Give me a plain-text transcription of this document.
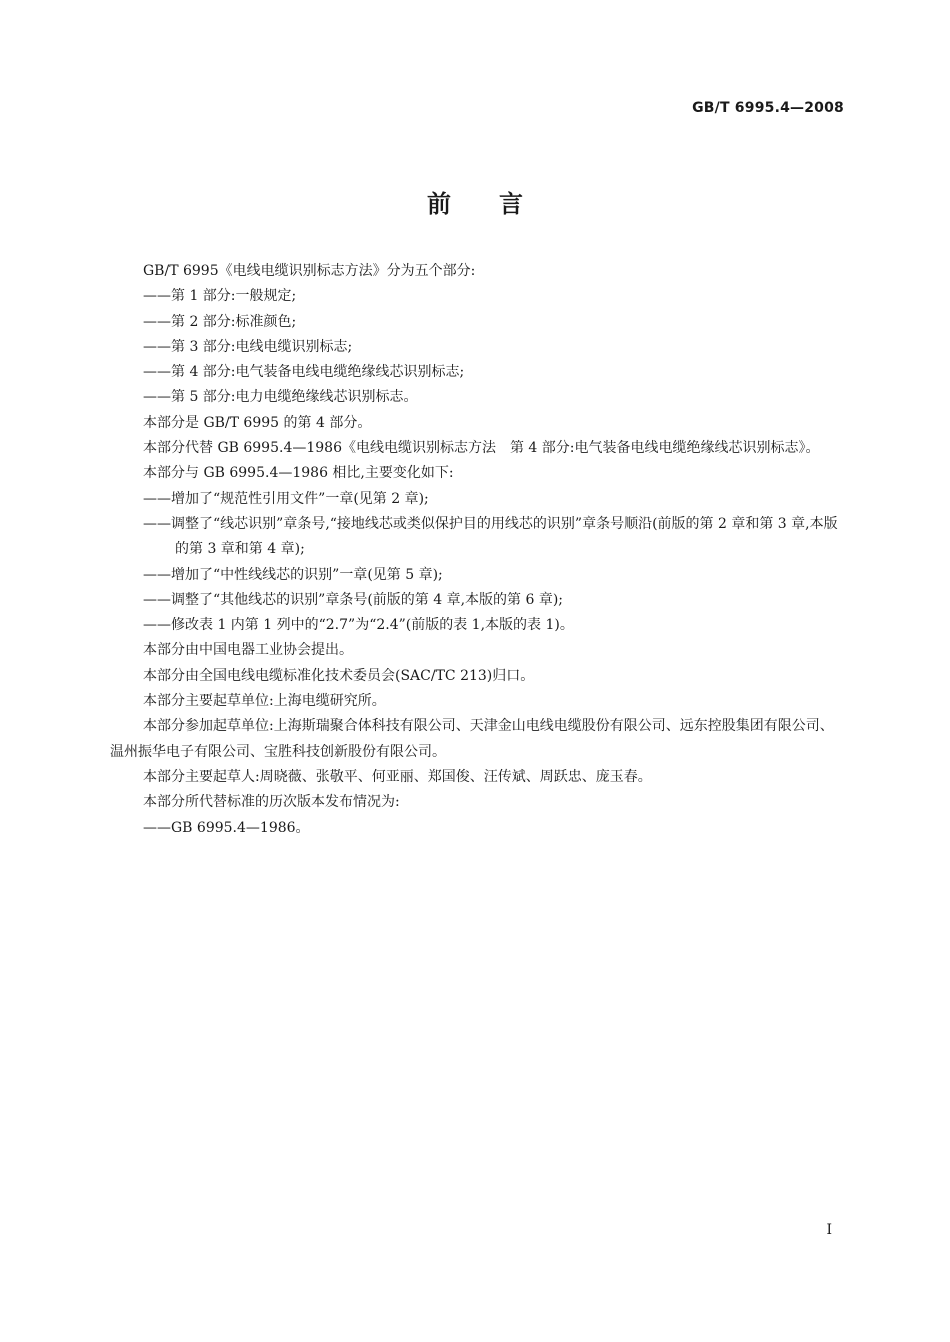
GB/T 6995.4—2008
前言

GB/T 6995《电线电缆识别标志方法》分为五个部分:

——第 1 部分:一般规定;

——第 2 部分:标准颜色;

——第 3 部分:电线电缆识别标志;

——第 4 部分:电气装备电线电缆绝缘线芯识别标志;

——第 5 部分:电力电缆绝缘线芯识别标志。

本部分是 GB/T 6995 的第 4 部分。

本部分代替 GB 6995.4—1986《电线电缆识别标志方法　第 4 部分:电气装备电线电缆绝缘线芯识别标志》。

本部分与 GB 6995.4—1986 相比,主要变化如下:

——增加了“规范性引用文件”一章(见第 2 章);

——调整了“线芯识别”章条号,“接地线芯或类似保护目的用线芯的识别”章条号顺沿(前版的第 2 章和第 3 章,本版的第 3 章和第 4 章);

——增加了“中性线线芯的识别”一章(见第 5 章);

——调整了“其他线芯的识别”章条号(前版的第 4 章,本版的第 6 章);

——修改表 1 内第 1 列中的“2.7”为“2.4”(前版的表 1,本版的表 1)。

本部分由中国电器工业协会提出。

本部分由全国电线电缆标准化技术委员会(SAC/TC 213)归口。

本部分主要起草单位:上海电缆研究所。

本部分参加起草单位:上海斯瑞聚合体科技有限公司、天津金山电线电缆股份有限公司、远东控股集团有限公司、温州振华电子有限公司、宝胜科技创新股份有限公司。

本部分主要起草人:周晓薇、张敬平、何亚丽、郑国俊、汪传斌、周跃忠、庞玉春。

本部分所代替标准的历次版本发布情况为:

——GB 6995.4—1986。

I
